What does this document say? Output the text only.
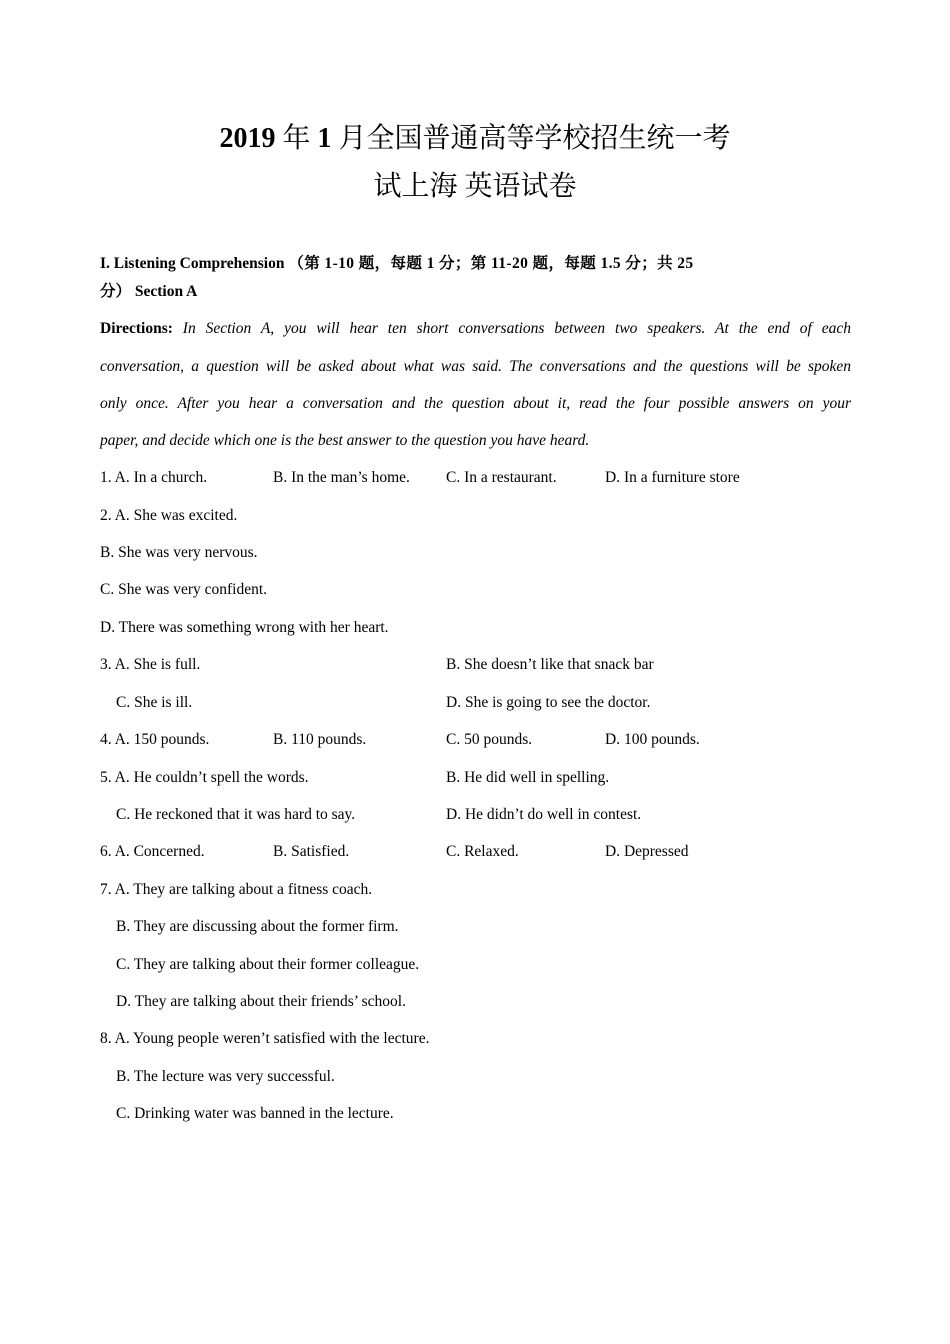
2019 年 1 月全国普通高等学校招生统一考
试上海 英语试卷
I. Listening Comprehension （第 1-10 题，每题 1 分；第 11-20 题，每题 1.5 分；共 25
分） Section A
Directions: In Section A, you will hear ten short conversations between two speakers. At the end of each
conversation, a question will be asked about what was said. The conversations and the questions will be spoken
only once. After you hear a conversation and the question about it, read the four possible answers on your
paper, and decide which one is the best answer to the question you have heard.
1. A. In a church.	B. In the man’s home. C. In a restaurant.	D. In a furniture store
2. A. She was excited.
B. She was very nervous.
C. She was very confident.
D. There was something wrong with her heart.
3. A. She is full.	B. She doesn’t like that snack bar
C. She is ill.	D. She is going to see the doctor.
4. A. 150 pounds.	B. 110 pounds.	C. 50 pounds.	D. 100 pounds.
5. A. He couldn’t spell the words.	B. He did well in spelling.
C. He reckoned that it was hard to say.	D. He didn’t do well in contest.
6. A. Concerned.	B. Satisfied.	C. Relaxed.	D. Depressed
7. A. They are talking about a fitness coach.
B. They are discussing about the former firm.
C. They are talking about their former colleague.
D. They are talking about their friends’ school.
8. A. Young people weren’t satisfied with the lecture.
B. The lecture was very successful.
C. Drinking water was banned in the lecture.
